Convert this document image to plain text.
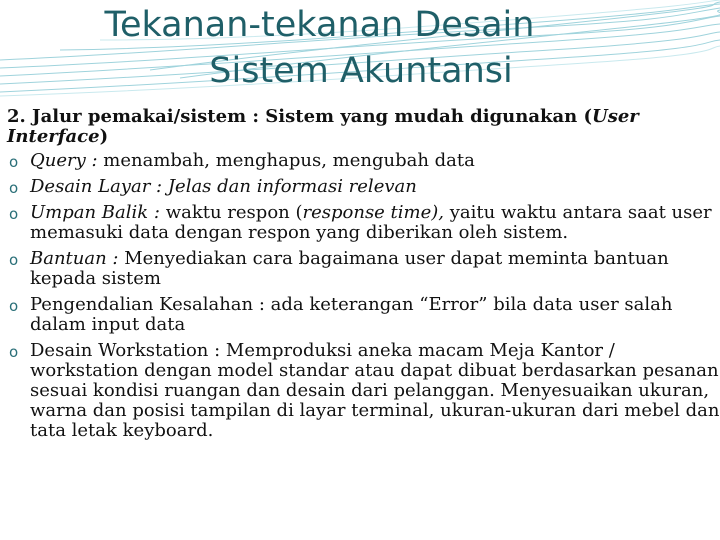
Tekanan-tekanan Desain
Sistem Akuntansi
2. Jalur pemakai/sistem : Sistem yang mudah digunakan (User Interface)
o Query : menambah, menghapus, mengubah data
o Desain Layar : Jelas dan informasi relevan
o Umpan Balik : waktu respon (response time), yaitu waktu antara saat user memasuki data dengan respon yang diberikan oleh sistem.
o Bantuan : Menyediakan cara bagaimana user dapat meminta bantuan kepada sistem
o Pengendalian Kesalahan : ada keterangan “Error” bila data user salah dalam input data
o Desain Workstation : Memproduksi aneka macam Meja Kantor / workstation dengan model standar atau dapat dibuat berdasarkan pesanan sesuai kondisi ruangan dan desain dari pelanggan. Menyesuaikan ukuran, warna dan posisi tampilan di layar terminal, ukuran-ukuran dari mebel dan tata letak keyboard.
